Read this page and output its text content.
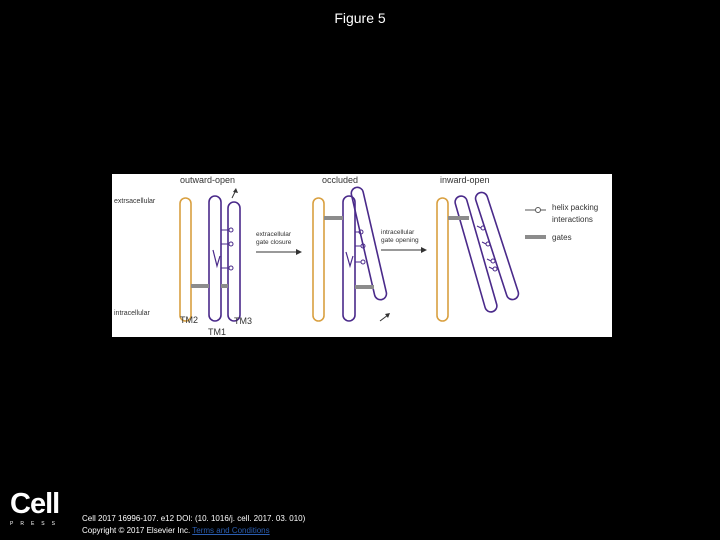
Figure 5
outward-open	occluded	inward-open
extrsacellular
intracellular
TM2
TM1
TM3
extracellular
gate closure
intracellular
gate opening
helix packing
interactions
gates
Cell
PRESS
Cell 2017 16996-107. e12 DOI: (10. 1016/j. cell. 2017. 03. 010)
Copyright © 2017 Elsevier Inc. Terms and Conditions
